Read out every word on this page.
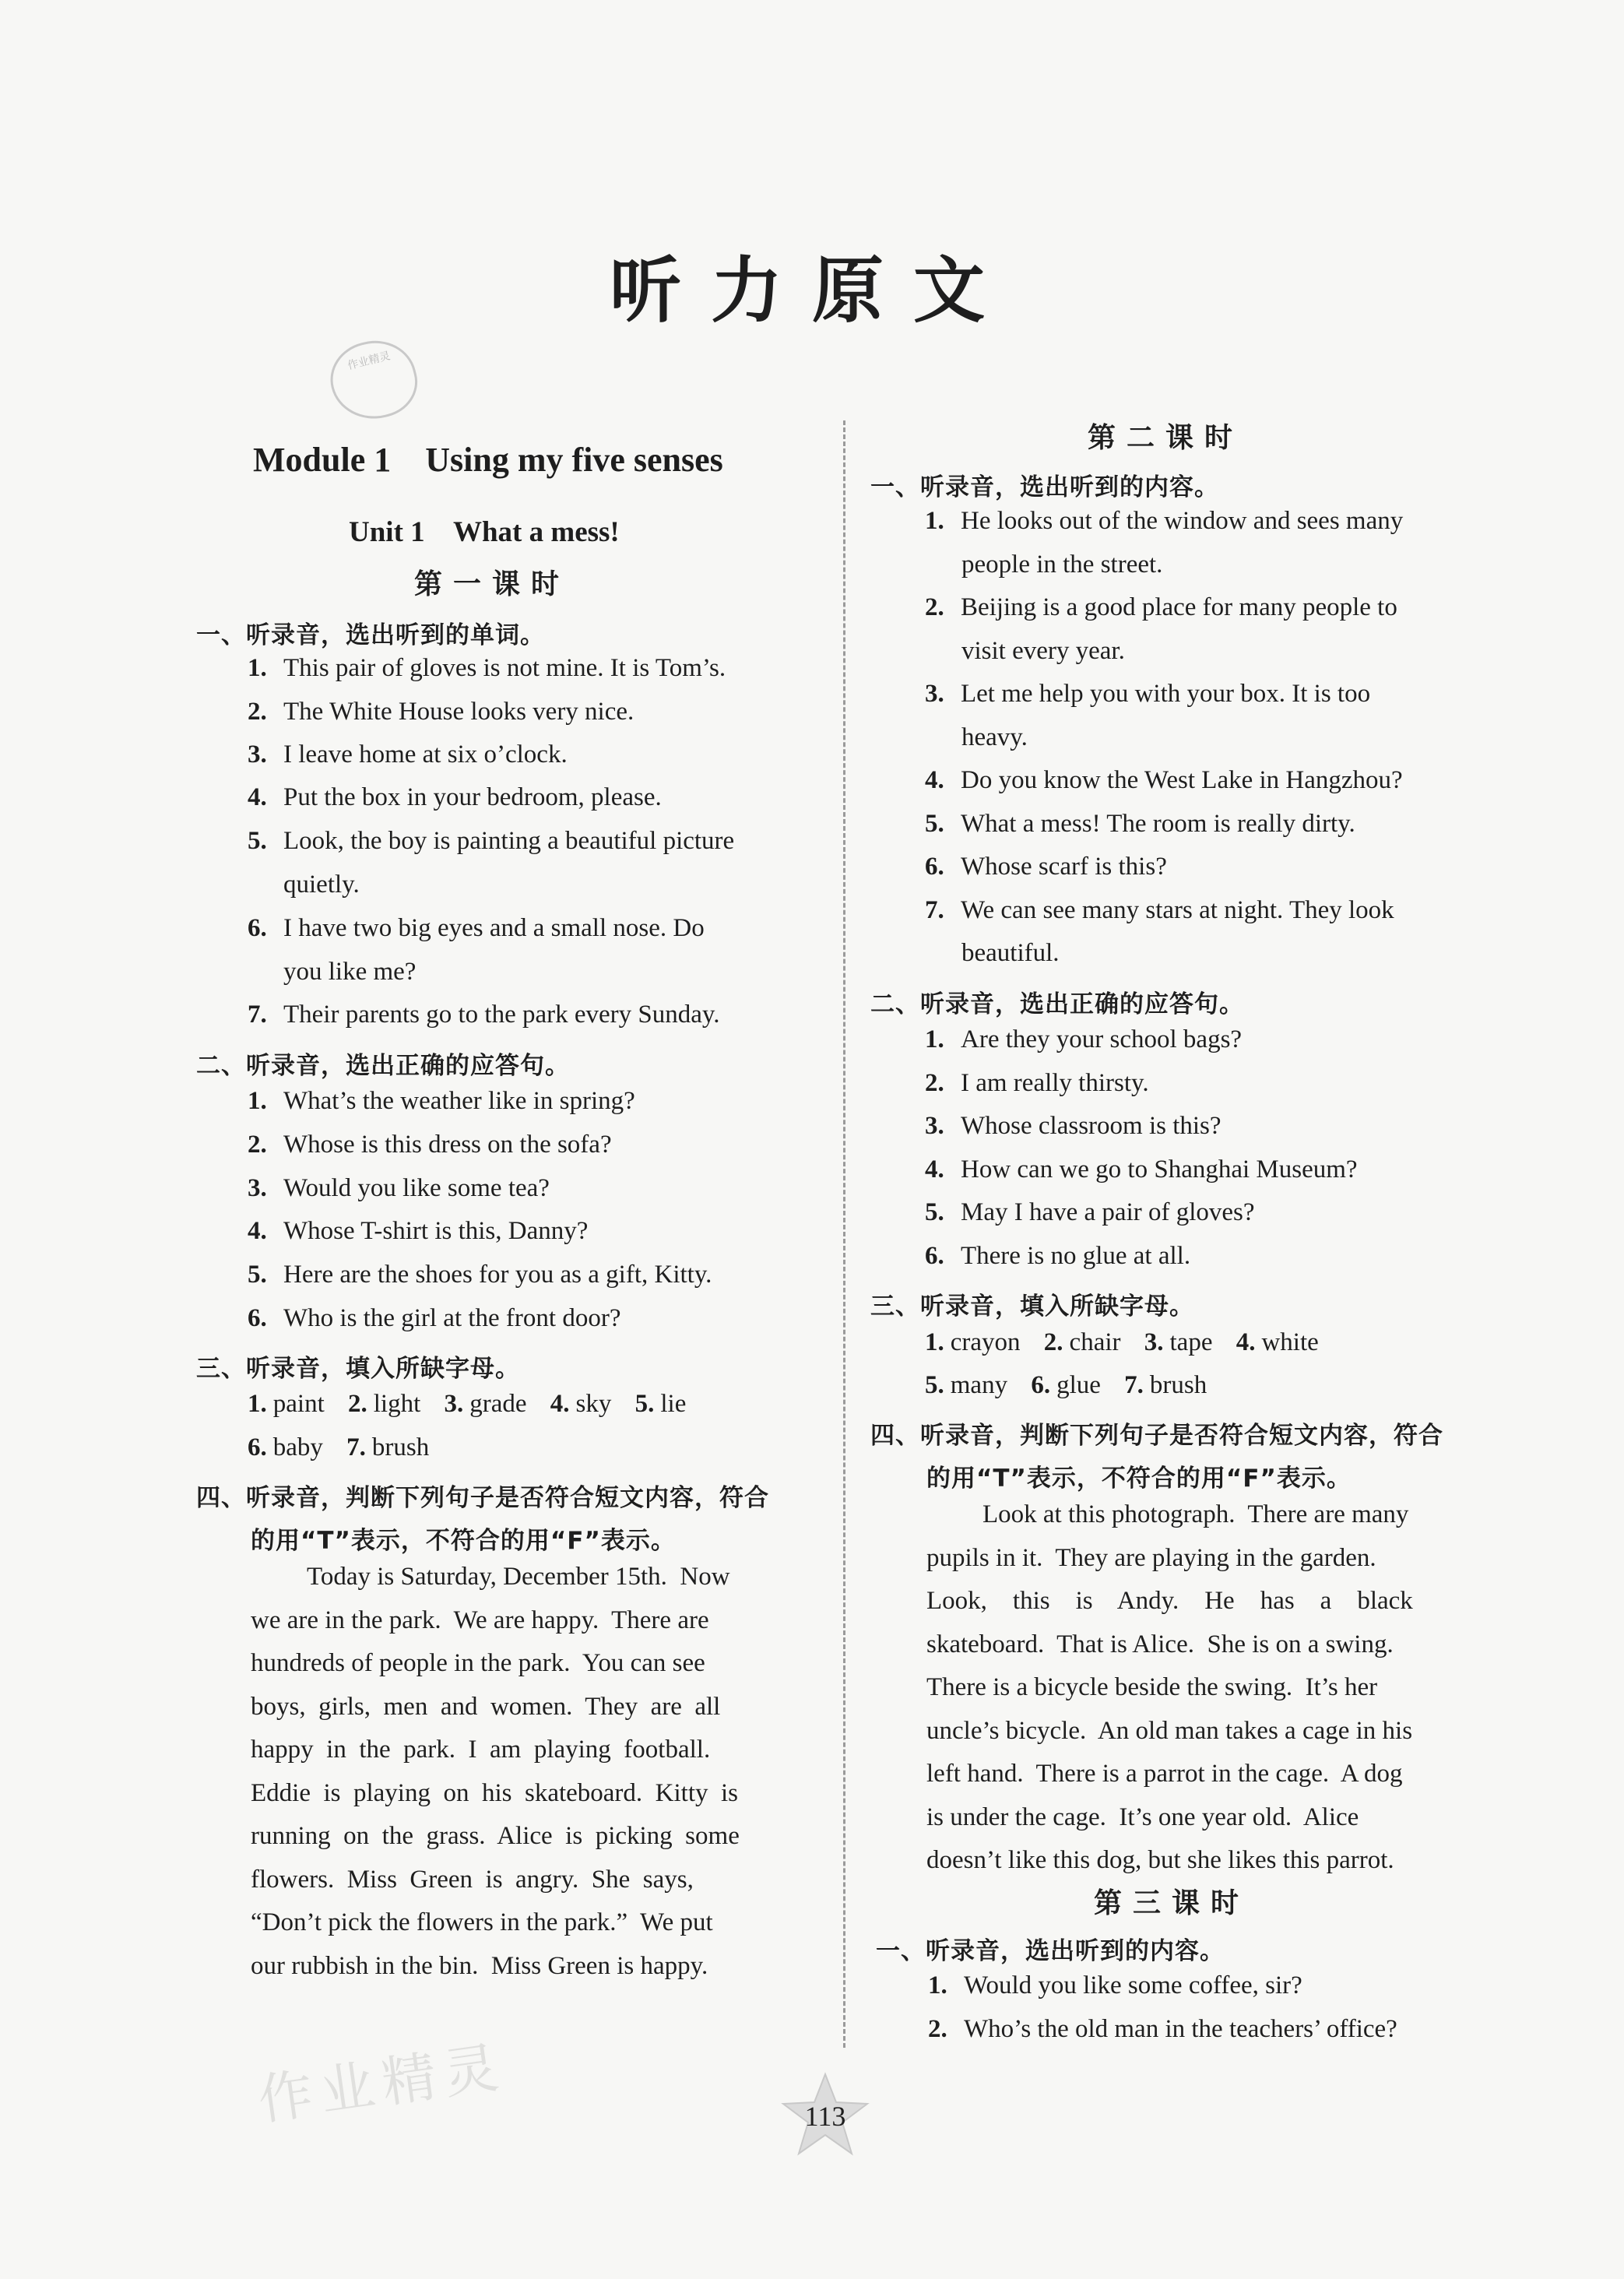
听力原文
作业精灵
Module 1    Using my five senses
Unit 1    What a mess!
第一课时
一、听录音，选出听到的单词。
1. This pair of gloves is not mine. It is Tom’s.
2. The White House looks very nice.
3. I leave home at six o’clock.
4. Put the box in your bedroom, please.
5. Look, the boy is painting a beautiful picture
quietly.
6. I have two big eyes and a small nose. Do
you like me?
7. Their parents go to the park every Sunday.
二、听录音，选出正确的应答句。
1. What’s the weather like in spring?
2. Whose is this dress on the sofa?
3. Would you like some tea?
4. Whose T-shirt is this, Danny?
5. Here are the shoes for you as a gift, Kitty.
6. Who is the girl at the front door?
三、听录音，填入所缺字母。
1. paint 2. light 3. grade 4. sky 5. lie
6. baby 7. brush
四、听录音，判断下列句子是否符合短文内容，符合
的用“T”表示，不符合的用“F”表示。
Today is Saturday, December 15th.  Now
we are in the park.  We are happy.  There are
hundreds of people in the park.  You can see
boys,  girls,  men  and  women.  They  are  all
happy  in  the  park.  I  am  playing  football.
Eddie  is  playing  on  his  skateboard.  Kitty  is
running  on  the  grass.  Alice  is  picking  some
flowers.  Miss  Green  is  angry.  She  says,
“Don’t pick the flowers in the park.”  We put
our rubbish in the bin.  Miss Green is happy.
作业精灵
第二课时
一、听录音，选出听到的内容。
1. He looks out of the window and sees many
people in the street.
2. Beijing is a good place for many people to
visit every year.
3. Let me help you with your box. It is too
heavy.
4. Do you know the West Lake in Hangzhou?
5. What a mess! The room is really dirty.
6. Whose scarf is this?
7. We can see many stars at night. They look
beautiful.
二、听录音，选出正确的应答句。
1. Are they your school bags?
2. I am really thirsty.
3. Whose classroom is this?
4. How can we go to Shanghai Museum?
5. May I have a pair of gloves?
6. There is no glue at all.
三、听录音，填入所缺字母。
1. crayon 2. chair 3. tape 4. white
5. many 6. glue 7. brush
四、听录音，判断下列句子是否符合短文内容，符合
的用“T”表示，不符合的用“F”表示。
Look at this photograph.  There are many
pupils in it.  They are playing in the garden.
Look,    this    is    Andy.    He    has    a    black
skateboard.  That is Alice.  She is on a swing.
There is a bicycle beside the swing.  It’s her
uncle’s bicycle.  An old man takes a cage in his
left hand.  There is a parrot in the cage.  A dog
is under the cage.  It’s one year old.  Alice
doesn’t like this dog, but she likes this parrot.
第三课时
一、听录音，选出听到的内容。
1. Would you like some coffee, sir?
2. Who’s the old man in the teachers’ office?
113
